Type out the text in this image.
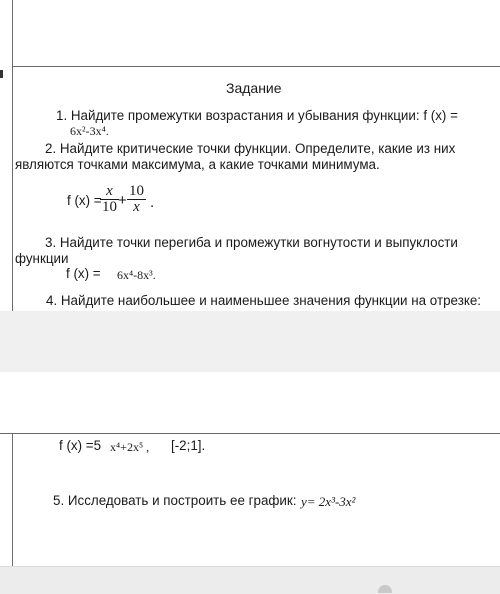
Задание
1. Найдите промежутки возрастания и убывания функции: f (x) =
6x²-3x⁴.
2. Найдите критические точки функции. Определите, какие из них
являются точками максимума, а какие точками минимума.
f (x) =
$\frac{x}{10} + \frac{10}{x}$ .
3. Найдите точки перегиба и промежутки вогнутости и выпуклости
функции
f (x) = 6x⁴-8x³.
4. Найдите наибольшее и наименьшее значения функции на отрезке:
f (x) =5 x⁴+2x⁵ , [-2;1].
5. Исследовать и построить ее график: y= 2x³-3x²
